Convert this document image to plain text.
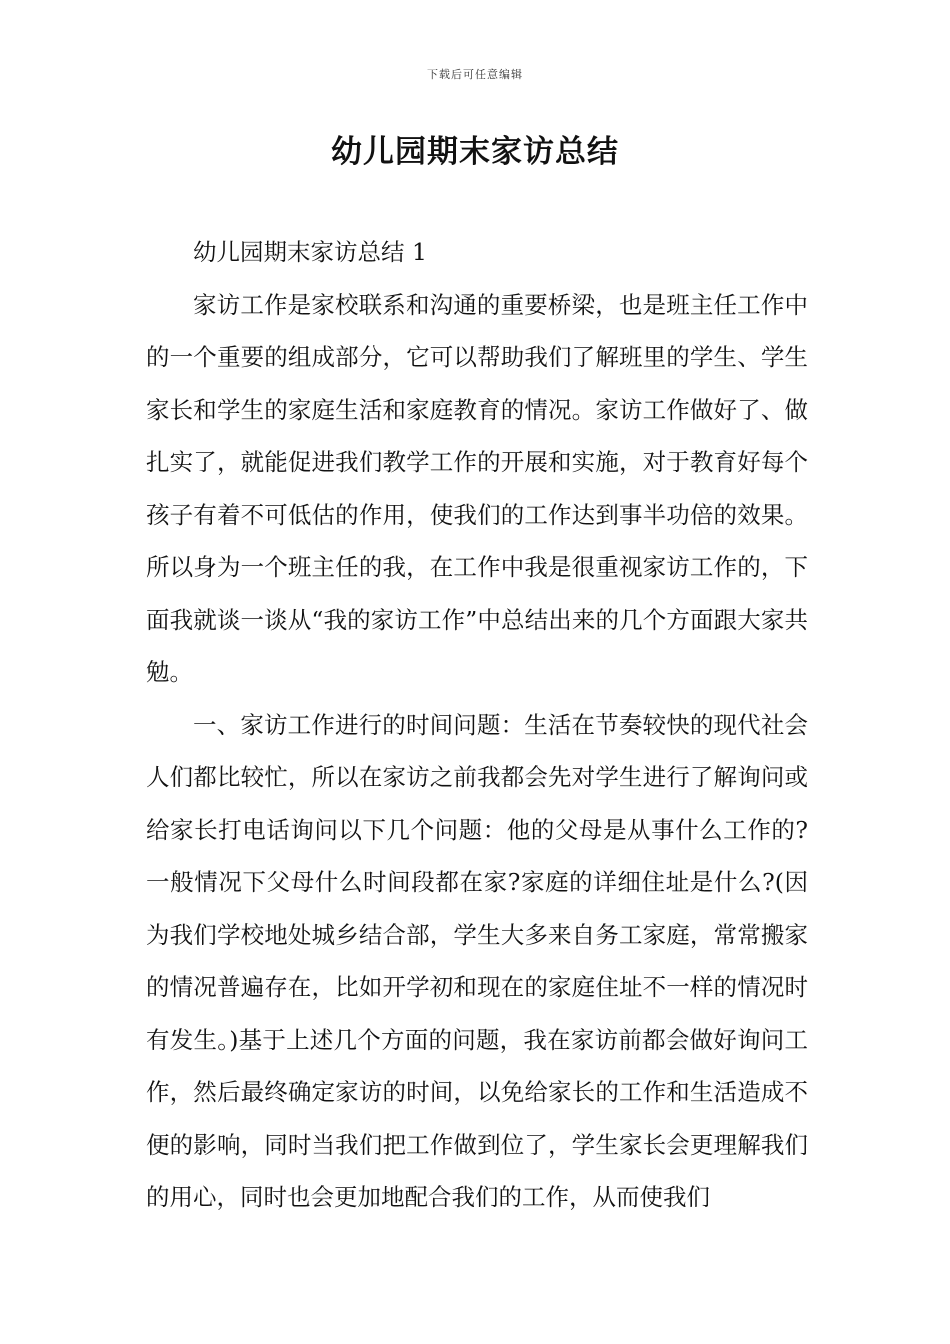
下载后可任意编辑
幼儿园期末家访总结

幼儿园期末家访总结 1

家访工作是家校联系和沟通的重要桥梁，也是班主任工作中的一个重要的组成部分，它可以帮助我们了解班里的学生、学生家长和学生的家庭生活和家庭教育的情况。家访工作做好了、做扎实了，就能促进我们教学工作的开展和实施，对于教育好每个孩子有着不可低估的作用，使我们的工作达到事半功倍的效果。所以身为一个班主任的我，在工作中我是很重视家访工作的，下面我就谈一谈从“我的家访工作”中总结出来的几个方面跟大家共勉。

一、家访工作进行的时间问题：生活在节奏较快的现代社会人们都比较忙，所以在家访之前我都会先对学生进行了解询问或给家长打电话询问以下几个问题：他的父母是从事什么工作的?一般情况下父母什么时间段都在家?家庭的详细住址是什么?(因为我们学校地处城乡结合部，学生大多来自务工家庭，常常搬家的情况普遍存在，比如开学初和现在的家庭住址不一样的情况时有发生。)基于上述几个方面的问题，我在家访前都会做好询问工作，然后最终确定家访的时间，以免给家长的工作和生活造成不便的影响，同时当我们把工作做到位了，学生家长会更理解我们的用心，同时也会更加地配合我们的工作，从而使我们
